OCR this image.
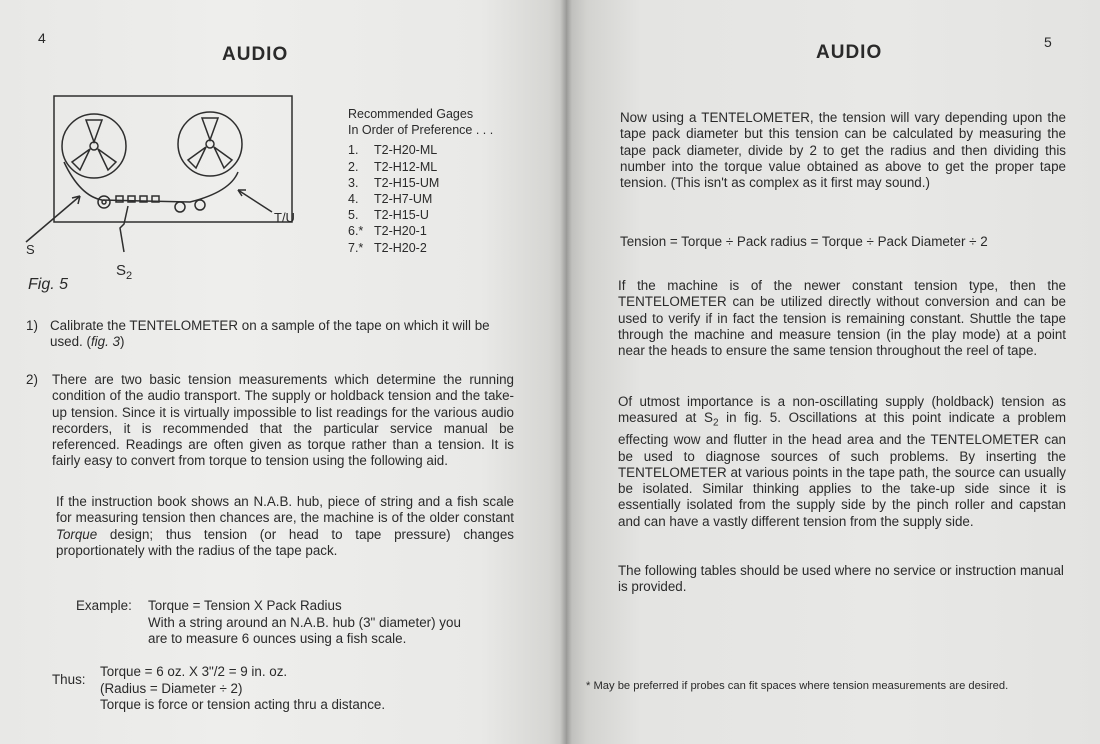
4
AUDIO
S
$S_2$
T/U
Fig. 5
Recommended Gages
In Order of Preference . . .
1.	T2-H20-ML
2.	T2-H12-ML
3.	T2-H15-UM
4.	T2-H7-UM
5.	T2-H15-U
6.* T2-H20-1
7.* T2-H20-2
1) Calibrate the TENTELOMETER on a sample of the tape on which it will be used. (fig. 3)
2)	There are two basic tension measurements which determine the running condition of the audio transport. The supply or holdback tension and the take-up tension. Since it is virtually impossible to list readings for the various audio recorders, it is recommended that the particular service manual be referenced. Readings are often given as torque rather than a tension. It is fairly easy to convert from torque to tension using the following aid.
If the instruction book shows an N.A.B. hub, piece of string and a fish scale for measuring tension then chances are, the machine is of the older constant Torque design; thus tension (or head to tape pressure) changes proportionately with the radius of the tape pack.
Example: Torque = Tension X Pack Radius
With a string around an N.A.B. hub (3" diameter) you
are to measure 6 ounces using a fish scale.
Thus:
Torque = 6 oz. X 3"/2 = 9 in. oz.
(Radius = Diameter ÷ 2)
Torque is force or tension acting thru a distance.
5
AUDIO
Now using a TENTELOMETER, the tension will vary depending upon the tape pack diameter but this tension can be calculated by measuring the tape pack diameter, divide by 2 to get the radius and then dividing this number into the torque value obtained as above to get the proper tape tension. (This isn't as complex as it first may sound.)
Tension = Torque ÷ Pack radius = Torque ÷ Pack Diameter ÷ 2
If the machine is of the newer constant tension type, then the TENTELOMETER can be utilized directly without conversion and can be used to verify if in fact the tension is remaining constant. Shuttle the tape through the machine and measure tension (in the play mode) at a point near the heads to ensure the same tension throughout the reel of tape.
Of utmost importance is a non-oscillating supply (holdback) tension as measured at $S_2$ in fig. 5. Oscillations at this point indicate a problem effecting wow and flutter in the head area and the TENTELOMETER can be used to diagnose sources of such problems. By inserting the TENTELOMETER at various points in the tape path, the source can usually be isolated. Similar thinking applies to the take-up side since it is essentially isolated from the supply side by the pinch roller and capstan and can have a vastly different tension from the supply side.
The following tables should be used where no service or instruction manual is provided.
* May be preferred if probes can fit spaces where tension measurements are desired.
